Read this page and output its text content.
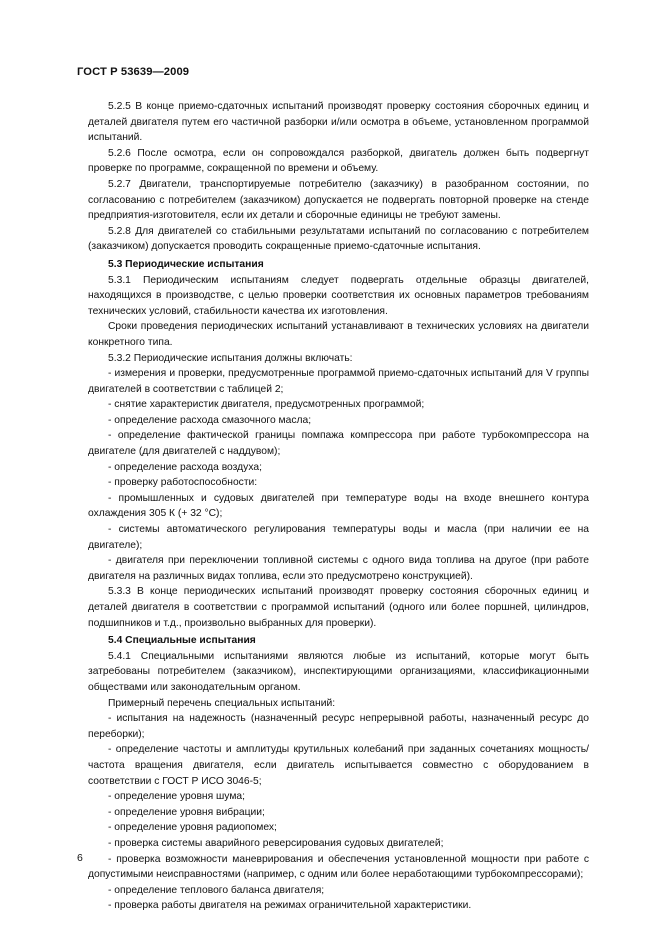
ГОСТ Р 53639—2009

5.2.5 В конце приемо-сдаточных испытаний производят проверку состояния сборочных единиц и деталей двигателя путем его частичной разборки и/или осмотра в объеме, установленном программой испытаний.

5.2.6 После осмотра, если он сопровождался разборкой, двигатель должен быть подвергнут проверке по программе, сокращенной по времени и объему.

5.2.7 Двигатели, транспортируемые потребителю (заказчику) в разобранном состоянии, по согласованию с потребителем (заказчиком) допускается не подвергать повторной проверке на стенде предприятия-изготовителя, если их детали и сборочные единицы не требуют замены.

5.2.8 Для двигателей со стабильными результатами испытаний по согласованию с потребителем (заказчиком) допускается проводить сокращенные приемо-сдаточные испытания.

5.3 Периодические испытания

5.3.1 Периодическим испытаниям следует подвергать отдельные образцы двигателей, находящихся в производстве, с целью проверки соответствия их основных параметров требованиям технических условий, стабильности качества их изготовления.

Сроки проведения периодических испытаний устанавливают в технических условиях на двигатели конкретного типа.

5.3.2 Периодические испытания должны включать:

- измерения и проверки, предусмотренные программой приемо-сдаточных испытаний для V группы двигателей в соответствии с таблицей 2;

- снятие характеристик двигателя, предусмотренных программой;

- определение расхода смазочного масла;

- определение фактической границы помпажа компрессора при работе турбокомпрессора на двигателе (для двигателей с наддувом);

- определение расхода воздуха;

- проверку работоспособности:

- промышленных и судовых двигателей при температуре воды на входе внешнего контура охлаждения 305 К (+ 32 °C);

- системы автоматического регулирования температуры воды и масла (при наличии ее на двигателе);

- двигателя при переключении топливной системы с одного вида топлива на другое (при работе двигателя на различных видах топлива, если это предусмотрено конструкцией).

5.3.3 В конце периодических испытаний производят проверку состояния сборочных единиц и деталей двигателя в соответствии с программой испытаний (одного или более поршней, цилиндров, подшипников и т.д., произвольно выбранных для проверки).

5.4 Специальные испытания

5.4.1 Специальными испытаниями являются любые из испытаний, которые могут быть затребованы потребителем (заказчиком), инспектирующими организациями, классификационными обществами или законодательным органом.

Примерный перечень специальных испытаний:

- испытания на надежность (назначенный ресурс непрерывной работы, назначенный ресурс до переборки);

- определение частоты и амплитуды крутильных колебаний при заданных сочетаниях мощность/частота вращения двигателя, если двигатель испытывается совместно с оборудованием в соответствии с ГОСТ Р ИСО 3046-5;

- определение уровня шума;

- определение уровня вибрации;

- определение уровня радиопомех;

- проверка системы аварийного реверсирования судовых двигателей;

- проверка возможности маневрирования и обеспечения установленной мощности при работе с допустимыми неисправностями (например, с одним или более неработающими турбокомпрессорами);

- определение теплового баланса двигателя;

- проверка работы двигателя на режимах ограничительной характеристики.

6
